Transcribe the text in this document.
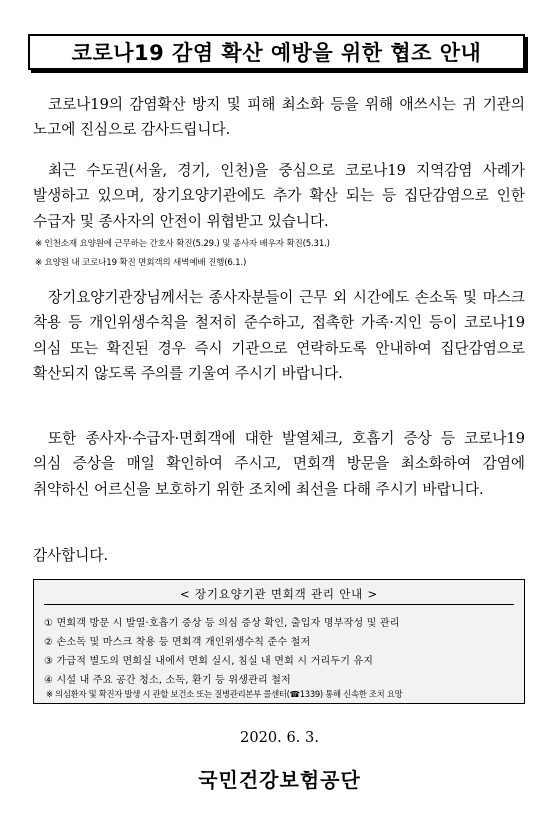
코로나19 감염 확산 예방을 위한 협조 안내
코로나19의 감염확산 방지 및 피해 최소화 등을 위해 애쓰시는 귀 기관의 노고에 진심으로 감사드립니다.
최근 수도권(서울, 경기, 인천)을 중심으로 코로나19 지역감염 사례가 발생하고 있으며, 장기요양기관에도 추가 확산 되는 등 집단감염으로 인한 수급자 및 종사자의 안전이 위협받고 있습니다.
※ 인천소재 요양원에 근무하는 간호사 확진(5.29.) 및 종사자 배우자 확진(5.31.)
※ 요양원 내 코로나19 확진 면회객의 새벽예배 진행(6.1.)
장기요양기관장님께서는 종사자분들이 근무 외 시간에도 손소독 및 마스크 착용 등 개인위생수칙을 철저히 준수하고, 접촉한 가족·지인 등이 코로나19 의심 또는 확진된 경우 즉시 기관으로 연락하도록 안내하여 집단감염으로 확산되지 않도록 주의를 기울여 주시기 바랍니다.
또한 종사자·수급자·면회객에 대한 발열체크, 호흡기 증상 등 코로나19 의심 증상을 매일 확인하여 주시고, 면회객 방문을 최소화하여 감염에 취약하신 어르신을 보호하기 위한 조치에 최선을 다해 주시기 바랍니다.
감사합니다.
< 장기요양기관 면회객 관리 안내 >
① 면회객 방문 시 발열·호흡기 증상 등 의심 증상 확인, 출입자 명부작성 및 관리
② 손소독 및 마스크 착용 등 면회객 개인위생수칙 준수 철저
③ 가급적 별도의 면회실 내에서 면회 실시, 침실 내 면회 시 거리두기 유지
④ 시설 내 주요 공간 청소, 소독, 환기 등 위생관리 철저
※ 의심환자 및 확진자 발생 시 관할 보건소 또는 질병관리본부 콜센터(☎1339) 통해 신속한 조치 요망
2020. 6. 3.
국민건강보험공단
